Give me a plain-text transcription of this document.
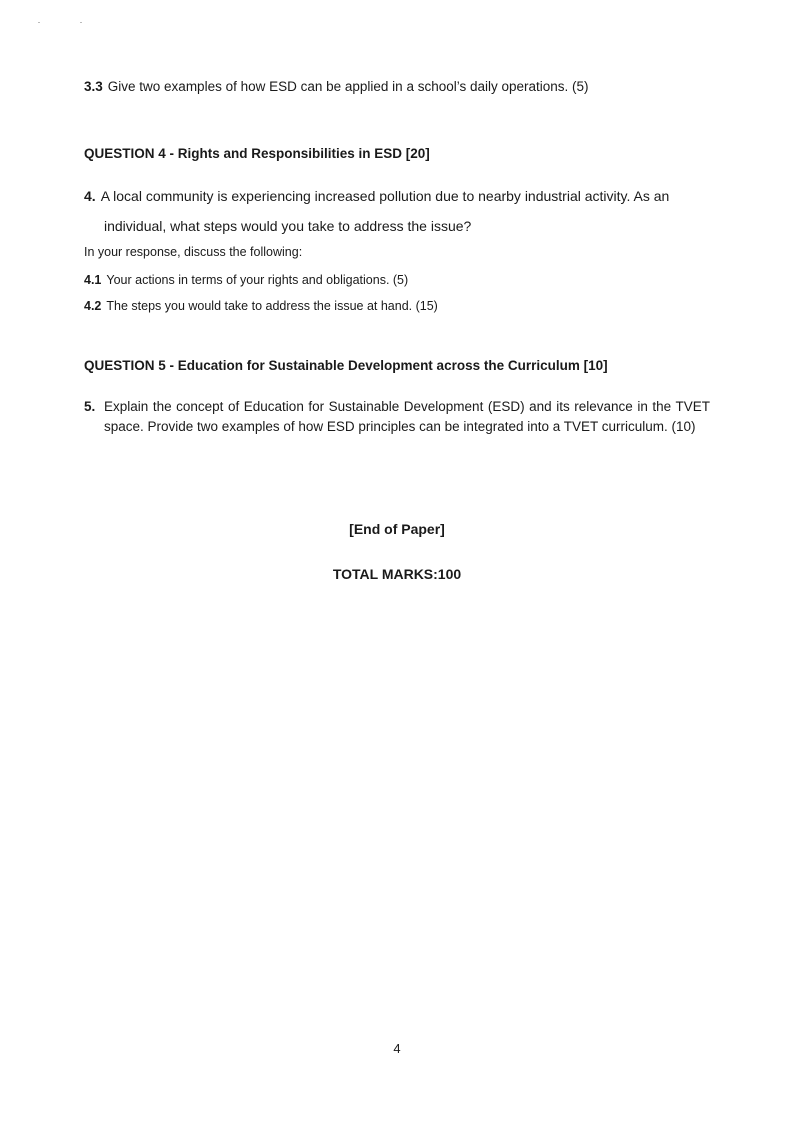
3.3 Give two examples of how ESD can be applied in a school’s daily operations. (5)
QUESTION 4 - Rights and Responsibilities in ESD [20]
4. A local community is experiencing increased pollution due to nearby industrial activity. As an
individual, what steps would you take to address the issue?
In your response, discuss the following:
4.1 Your actions in terms of your rights and obligations. (5)
4.2 The steps you would take to address the issue at hand. (15)
QUESTION 5 - Education for Sustainable Development across the Curriculum [10]
5. Explain the concept of Education for Sustainable Development (ESD) and its relevance in the TVET space. Provide two examples of how ESD principles can be integrated into a TVET curriculum. (10)
[End of Paper]
TOTAL MARKS:100
4
